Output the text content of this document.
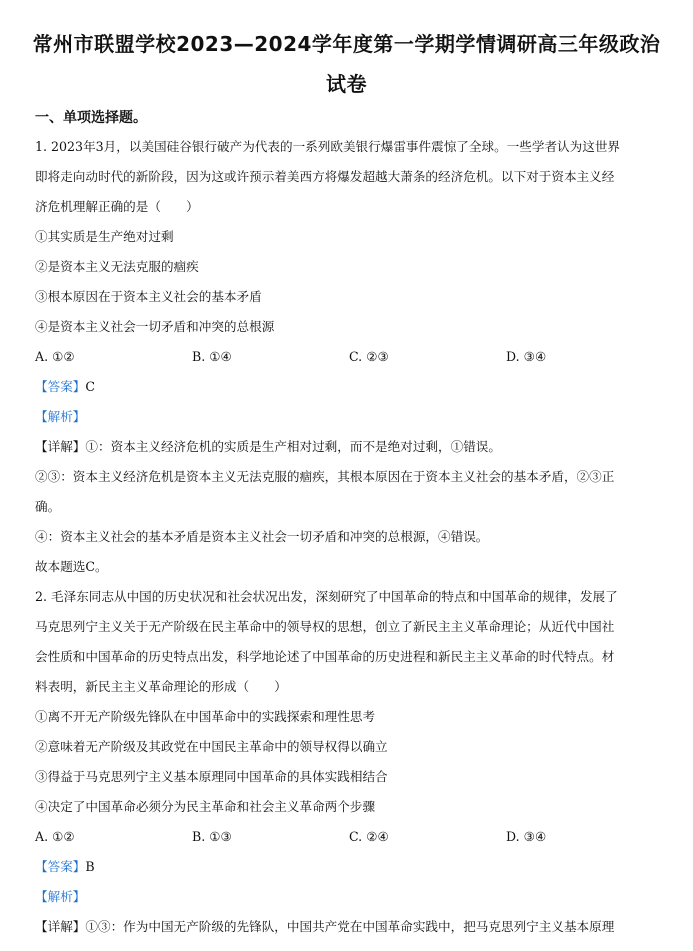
常州市联盟学校2023—2024学年度第一学期学情调研高三年级政治
试卷
一、单项选择题。
1. 2023年3月，以美国硅谷银行破产为代表的一系列欧美银行爆雷事件震惊了全球。一些学者认为这世界
即将走向动时代的新阶段，因为这或许预示着美西方将爆发超越大萧条的经济危机。以下对于资本主义经
济危机理解正确的是（　　）
①其实质是生产绝对过剩
②是资本主义无法克服的痼疾
③根本原因在于资本主义社会的基本矛盾
④是资本主义社会一切矛盾和冲突的总根源
A. ①②	B. ①④	C. ②③	D. ③④
【答案】C
【解析】
【详解】①：资本主义经济危机的实质是生产相对过剩，而不是绝对过剩，①错误。
②③：资本主义经济危机是资本主义无法克服的痼疾，其根本原因在于资本主义社会的基本矛盾，②③正
确。
④：资本主义社会的基本矛盾是资本主义社会一切矛盾和冲突的总根源，④错误。
故本题选C。
2. 毛泽东同志从中国的历史状况和社会状况出发，深刻研究了中国革命的特点和中国革命的规律，发展了
马克思列宁主义关于无产阶级在民主革命中的领导权的思想，创立了新民主主义革命理论；从近代中国社
会性质和中国革命的历史特点出发，科学地论述了中国革命的历史进程和新民主主义革命的时代特点。材
料表明，新民主主义革命理论的形成（　　）
①离不开无产阶级先锋队在中国革命中的实践探索和理性思考
②意味着无产阶级及其政党在中国民主革命中的领导权得以确立
③得益于马克思列宁主义基本原理同中国革命的具体实践相结合
④决定了中国革命必须分为民主革命和社会主义革命两个步骤
A. ①②	B. ①③	C. ②④	D. ③④
【答案】B
【解析】
【详解】①③：作为中国无产阶级的先锋队，中国共产党在中国革命实践中，把马克思列宁主义基本原理
